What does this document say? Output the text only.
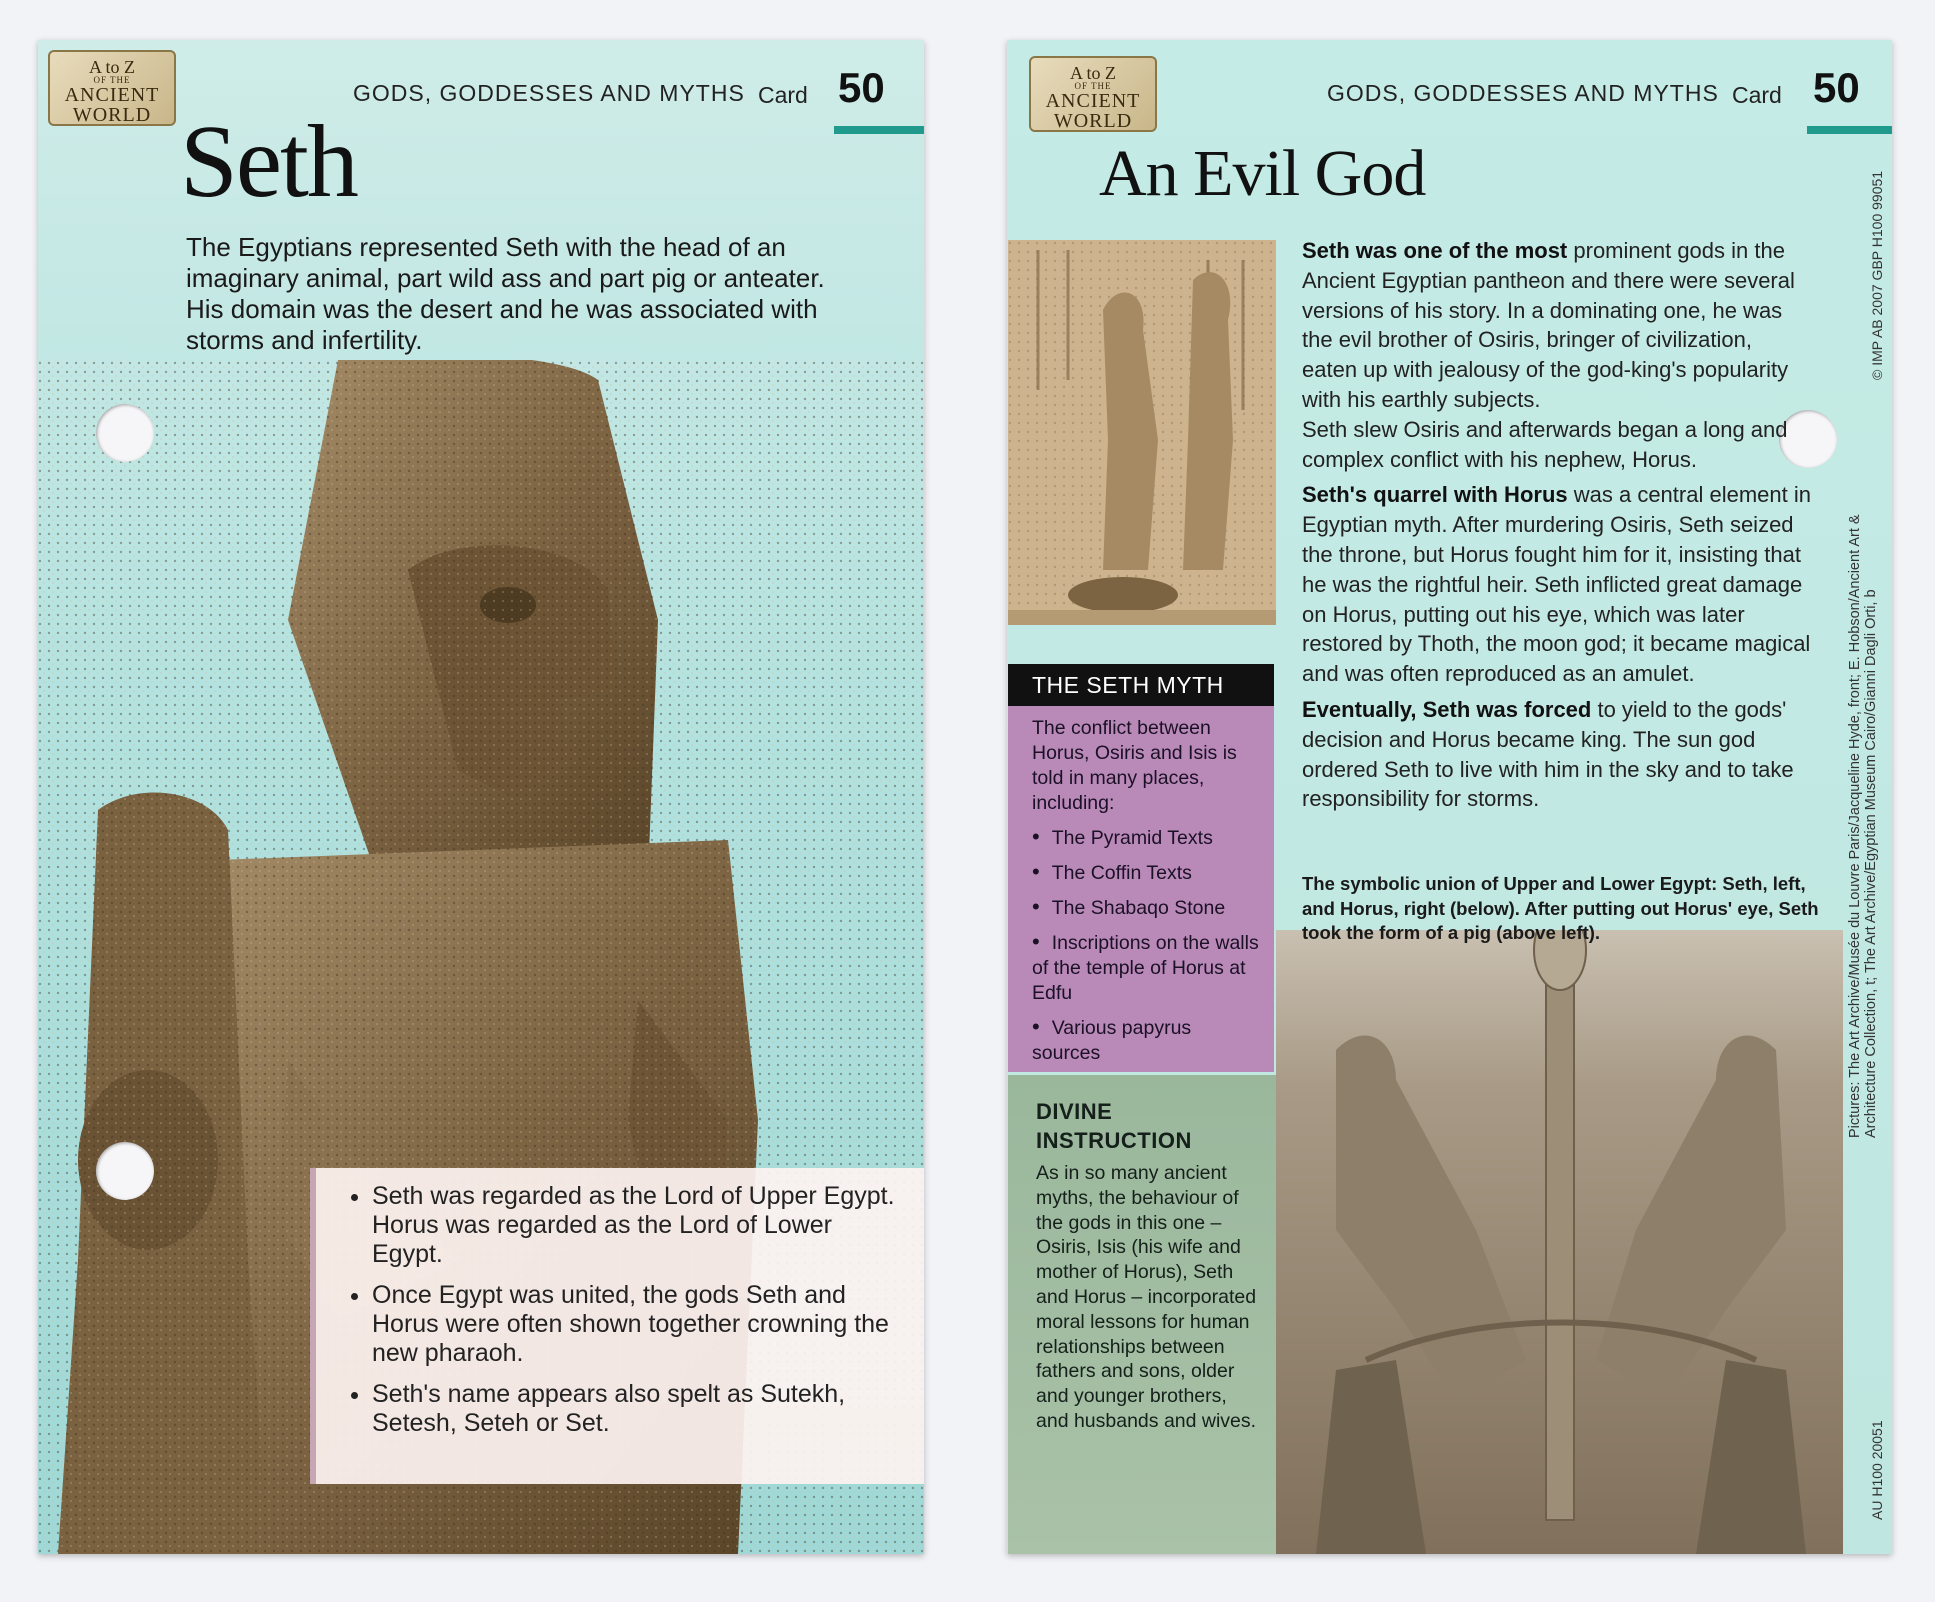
A to Z
OF THE
ANCIENT
WORLD
GODS, GODDESSES AND MYTHS Card 50
Seth
The Egyptians represented Seth with the head of an imaginary animal, part wild ass and part pig or anteater. His domain was the desert and he was associated with storms and infertility.
• Seth was regarded as the Lord of Upper Egypt. Horus was regarded as the Lord of Lower Egypt.
• Once Egypt was united, the gods Seth and Horus were often shown together crowning the new pharaoh.
• Seth's name appears also spelt as Sutekh, Setesh, Seteh or Set.
A to Z
OF THE
ANCIENT
WORLD
GODS, GODDESSES AND MYTHS Card 50
An Evil God	© IMP AB 2007 GBP H100 99051
Pictures: The Art Archive/Musée du Louvre Paris/Jacqueline Hyde, front; E. Hobson/Ancient Art & Architecture Collection, t; The Art Archive/Egyptian Museum Cairo/Gianni Dagli Orti, b
AU H100 20051

Seth was one of the most prominent gods in the Ancient Egyptian pantheon and there were several versions of his story. In a dominating one, he was the evil brother of Osiris, bringer of civilization, eaten up with jealousy of the god-king's popularity with his earthly subjects.
Seth slew Osiris and afterwards began a long and complex conflict with his nephew, Horus.

Seth's quarrel with Horus was a central element in Egyptian myth. After murdering Osiris, Seth seized the throne, but Horus fought him for it, insisting that he was the rightful heir. Seth inflicted great damage on Horus, putting out his eye, which was later restored by Thoth, the moon god; it became magical and was often reproduced as an amulet.

Eventually, Seth was forced to yield to the gods' decision and Horus became king. The sun god ordered Seth to live with him in the sky and to take responsibility for storms.

The symbolic union of Upper and Lower Egypt: Seth, left, and Horus, right (below). After putting out Horus' eye, Seth took the form of a pig (above left).
THE SETH MYTH
The conflict between Horus, Osiris and Isis is told in many places, including:
• The Pyramid Texts
• The Coffin Texts
• The Shabaqo Stone
• Inscriptions on the walls of the temple of Horus at Edfu
• Various papyrus sources
DIVINE INSTRUCTION
As in so many ancient myths, the behaviour of the gods in this one – Osiris, Isis (his wife and mother of Horus), Seth and Horus – incorporated moral lessons for human relationships between fathers and sons, older and younger brothers, and husbands and wives.
